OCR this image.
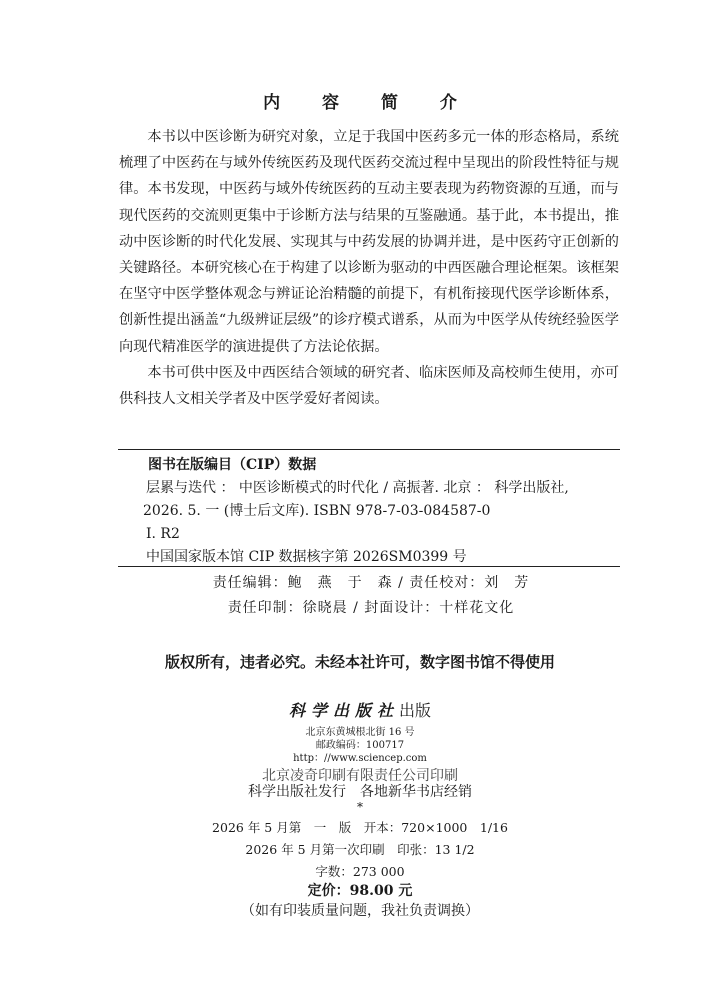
内 容 简 介

本书以中医诊断为研究对象，立足于我国中医药多元一体的形态格局，系统梳理了中医药在与域外传统医药及现代医药交流过程中呈现出的阶段性特征与规律。本书发现，中医药与域外传统医药的互动主要表现为药物资源的互通，而与现代医药的交流则更集中于诊断方法与结果的互鉴融通。基于此，本书提出，推动中医诊断的时代化发展、实现其与中药发展的协调并进，是中医药守正创新的关键路径。本研究核心在于构建了以诊断为驱动的中西医融合理论框架。该框架在坚守中医学整体观念与辨证论治精髓的前提下，有机衔接现代医学诊断体系，创新性提出涵盖“九级辨证层级”的诊疗模式谱系，从而为中医学从传统经验医学向现代精准医学的演进提供了方法论依据。

本书可供中医及中西医结合领域的研究者、临床医师及高校师生使用，亦可供科技人文相关学者及中医学爱好者阅读。

图书在版编目（CIP）数据
层累与迭代 ： 中医诊断模式的时代化 / 高振著. 北京 ： 科学出版社,
2026. 5. 一 (博士后文库). ISBN 978-7-03-084587-0
Ⅰ. R2
中国国家版本馆 CIP 数据核字第 2026SM0399 号
责任编辑：鲍　燕　于　森 / 责任校对：刘　芳
责任印制：徐晓晨 / 封面设计：十样花文化
版权所有，违者必究。未经本社许可，数字图书馆不得使用
科学出版社出版
北京东黄城根北街 16 号
邮政编码：100717
http：//www.sciencep.com
北京凌奇印刷有限责任公司印刷
科学出版社发行　各地新华书店经销
*
2026 年 5 月第　一　版　开本：720×1000　1/16
2026 年 5 月第一次印刷　印张：13 1/2
字数：273 000
定价：98.00 元
（如有印装质量问题，我社负责调换）
